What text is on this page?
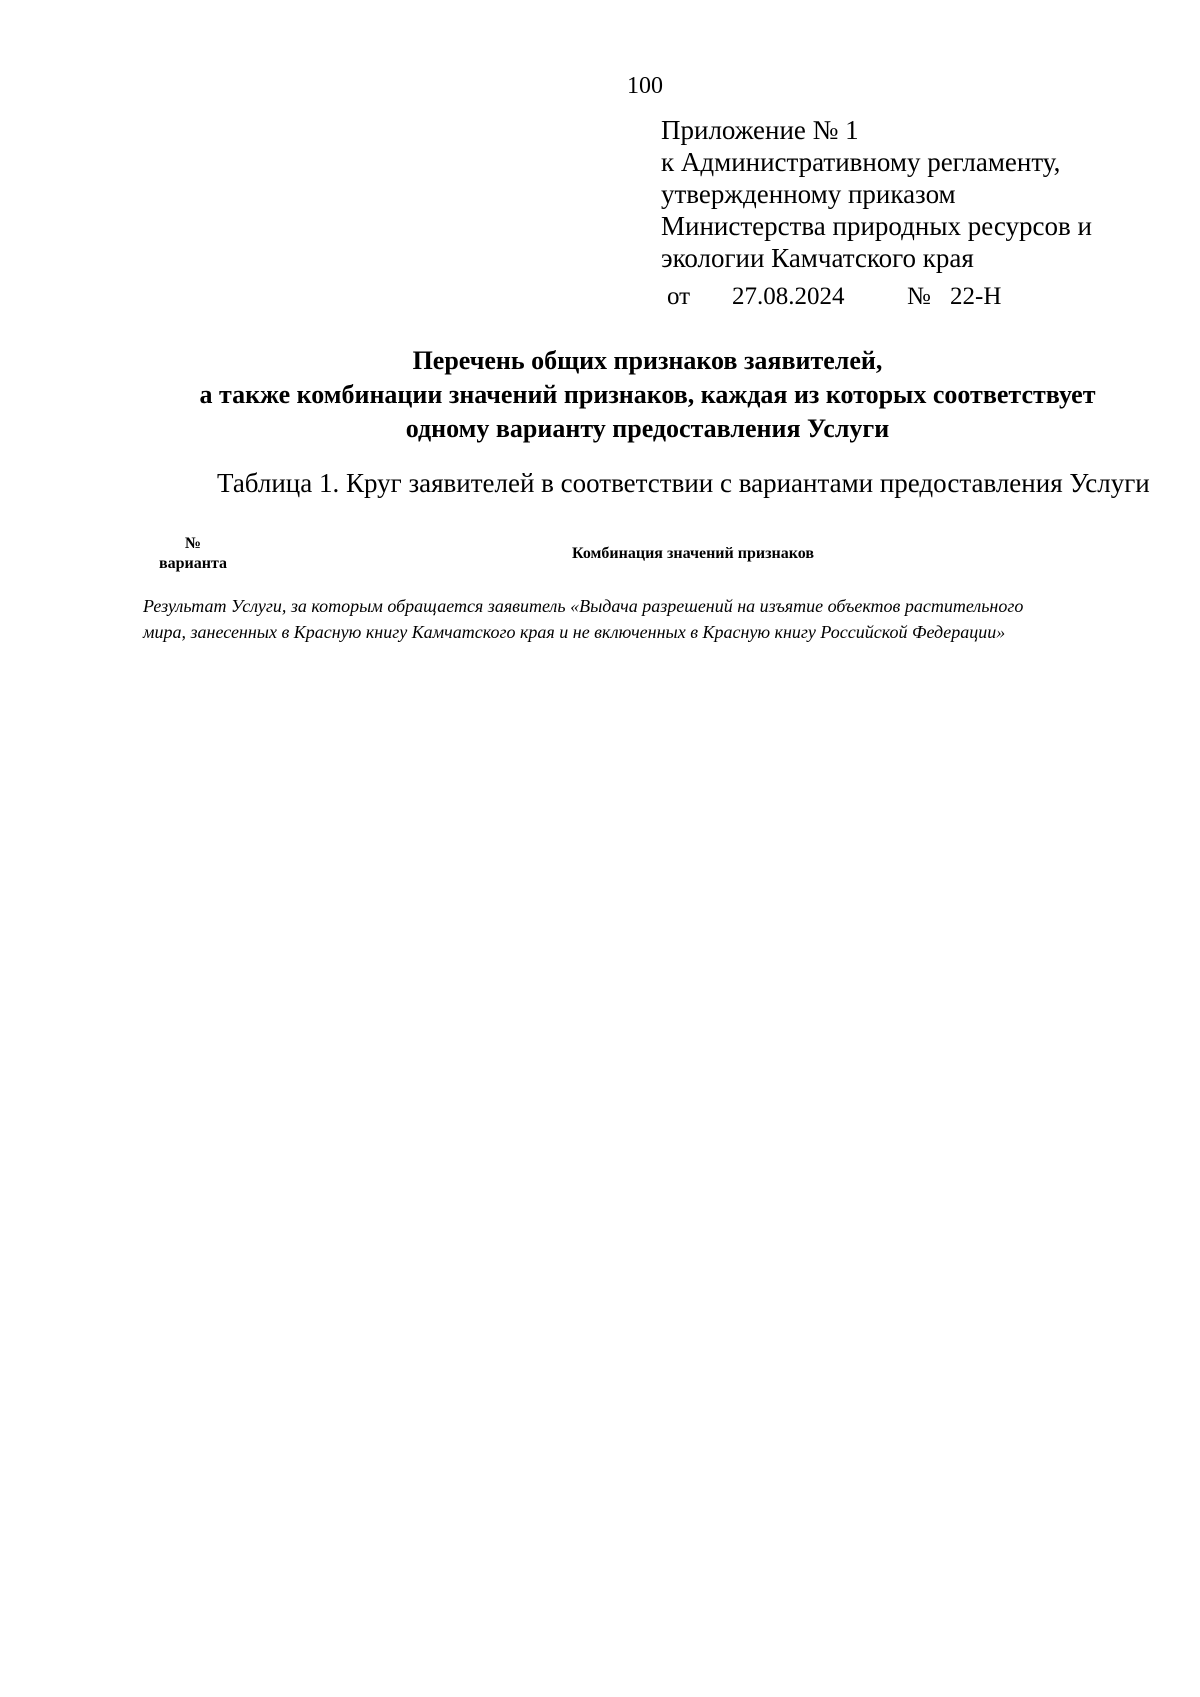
100
Приложение № 1
к Административному регламенту,
утвержденному приказом
Министерства природных ресурсов и
экологии Камчатского края
от 27.08.2024	№ 22-Н
Перечень общих признаков заявителей,
а также комбинации значений признаков, каждая из которых соответствует
одному варианту предоставления Услуги
Таблица 1. Круг заявителей в соответствии с вариантами предоставления Услуги
№
варианта
Комбинация значений признаков
Результат Услуги, за которым обращается заявитель «Выдача разрешений на изъятие объектов растительного
мира, занесенных в Красную книгу Камчатского края и не включенных в Красную книгу Российской Федерации»
